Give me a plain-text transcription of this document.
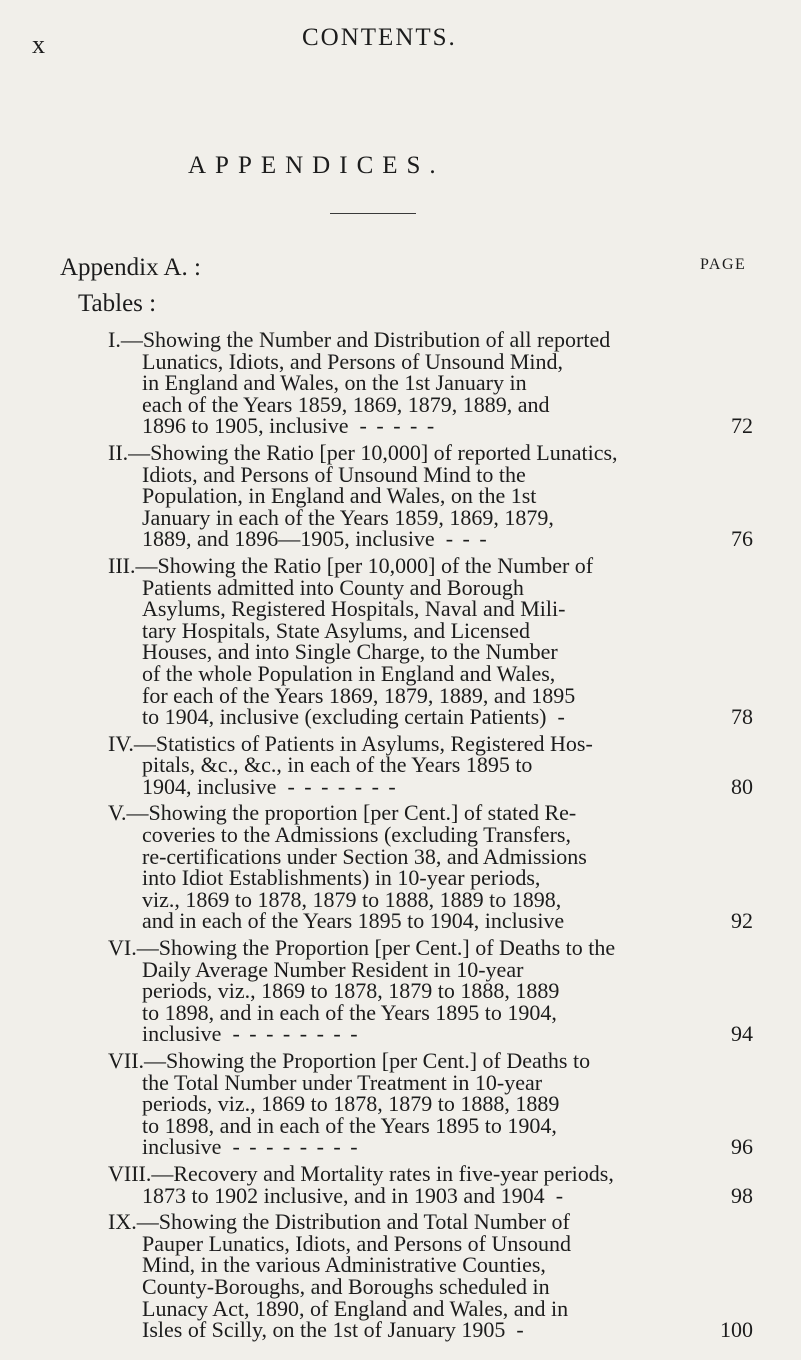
x	CONTENTS.
APPENDICES.
Appendix A. :	PAGE
Tables :
I.—Showing the Number and Distribution of all reported
Lunatics, Idiots, and Persons of Unsound Mind,
in England and Wales, on the 1st January in
each of the Years 1859, 1869, 1879, 1889, and
1896 to 1905, inclusive  - - - - -	72
II.—Showing the Ratio [per 10,000] of reported Lunatics,
Idiots, and Persons of Unsound Mind to the
Population, in England and Wales, on the 1st
January in each of the Years 1859, 1869, 1879,
1889, and 1896—1905, inclusive  - - -	76
III.—Showing the Ratio [per 10,000] of the Number of
Patients admitted into County and Borough
Asylums, Registered Hospitals, Naval and Mili-
tary Hospitals, State Asylums, and Licensed
Houses, and into Single Charge, to the Number
of the whole Population in England and Wales,
for each of the Years 1869, 1879, 1889, and 1895
to 1904, inclusive (excluding certain Patients)  -	78
IV.—Statistics of Patients in Asylums, Registered Hos-
pitals, &c., &c., in each of the Years 1895 to
1904, inclusive  - - - - - - -	80
V.—Showing the proportion [per Cent.] of stated Re-
coveries to the Admissions (excluding Transfers,
re-certifications under Section 38, and Admissions
into Idiot Establishments) in 10-year periods,
viz., 1869 to 1878, 1879 to 1888, 1889 to 1898,
and in each of the Years 1895 to 1904, inclusive	92
VI.—Showing the Proportion [per Cent.] of Deaths to the
Daily Average Number Resident in 10-year
periods, viz., 1869 to 1878, 1879 to 1888, 1889
to 1898, and in each of the Years 1895 to 1904,
inclusive  - - - - - - - -	94
VII.—Showing the Proportion [per Cent.] of Deaths to
the Total Number under Treatment in 10-year
periods, viz., 1869 to 1878, 1879 to 1888, 1889
to 1898, and in each of the Years 1895 to 1904,
inclusive  - - - - - - - -	96
VIII.—Recovery and Mortality rates in five-year periods,
1873 to 1902 inclusive, and in 1903 and 1904  -	98
IX.—Showing the Distribution and Total Number of
Pauper Lunatics, Idiots, and Persons of Unsound
Mind, in the various Administrative Counties,
County-Boroughs, and Boroughs scheduled in
Lunacy Act, 1890, of England and Wales, and in
Isles of Scilly, on the 1st of January 1905  -	100
